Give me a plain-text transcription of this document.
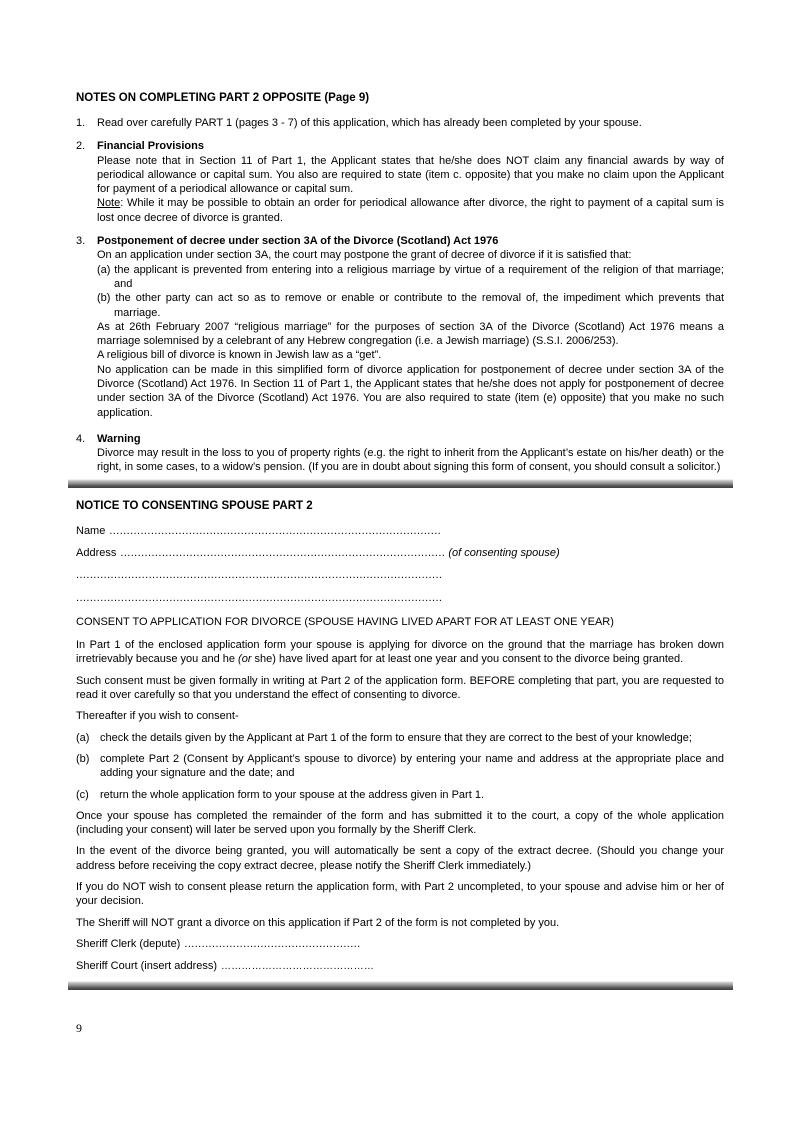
NOTES ON COMPLETING PART 2 OPPOSITE (Page 9)
1.	Read over carefully PART 1 (pages 3 - 7) of this application, which has already been completed by your spouse.
2.	Financial Provisions
Please note that in Section 11 of Part 1, the Applicant states that he/she does NOT claim any financial awards by way of periodical allowance or capital sum. You also are required to state (item c. opposite) that you make no claim upon the Applicant for payment of a periodical allowance or capital sum.
Note: While it may be possible to obtain an order for periodical allowance after divorce, the right to payment of a capital sum is lost once decree of divorce is granted.
3.	Postponement of decree under section 3A of the Divorce (Scotland) Act 1976
On an application under section 3A, the court may postpone the grant of decree of divorce if it is satisfied that:
(a) the applicant is prevented from entering into a religious marriage by virtue of a requirement of the religion of that marriage; and
(b) the other party can act so as to remove or enable or contribute to the removal of, the impediment which prevents that marriage.
As at 26th February 2007 “religious marriage” for the purposes of section 3A of the Divorce (Scotland) Act 1976 means a marriage solemnised by a celebrant of any Hebrew congregation (i.e. a Jewish marriage) (S.S.I. 2006/253).
A religious bill of divorce is known in Jewish law as a “get”.
No application can be made in this simplified form of divorce application for postponement of decree under section 3A of the Divorce (Scotland) Act 1976. In Section 11 of Part 1, the Applicant states that he/she does not apply for postponement of decree under section 3A of the Divorce (Scotland) Act 1976. You are also required to state (item (e) opposite) that you make no such application.
4.	Warning
Divorce may result in the loss to you of property rights (e.g. the right to inherit from the Applicant’s estate on his/her death) or the right, in some cases, to a widow’s pension. (If you are in doubt about signing this form of consent, you should consult a solicitor.)
NOTICE TO CONSENTING SPOUSE PART 2
Name ................................................................................................
Address .............................................................................................. (of consenting spouse)
..........................................................................................................
..........................................................................................................
CONSENT TO APPLICATION FOR DIVORCE (SPOUSE HAVING LIVED APART FOR AT LEAST ONE YEAR)
In Part 1 of the enclosed application form your spouse is applying for divorce on the ground that the marriage has broken down irretrievably because you and he (or she) have lived apart for at least one year and you consent to the divorce being granted.
Such consent must be given formally in writing at Part 2 of the application form. BEFORE completing that part, you are requested to read it over carefully so that you understand the effect of consenting to divorce.
Thereafter if you wish to consent-
(a) check the details given by the Applicant at Part 1 of the form to ensure that they are correct to the best of your knowledge;
(b) complete Part 2 (Consent by Applicant’s spouse to divorce) by entering your name and address at the appropriate place and adding your signature and the date; and
(c)	return the whole application form to your spouse at the address given in Part 1.
Once your spouse has completed the remainder of the form and has submitted it to the court, a copy of the whole application (including your consent) will later be served upon you formally by the Sheriff Clerk.
In the event of the divorce being granted, you will automatically be sent a copy of the extract decree. (Should you change your address before receiving the copy extract decree, please notify the Sheriff Clerk immediately.)
If you do NOT wish to consent please return the application form, with Part 2 uncompleted, to your spouse and advise him or her of your decision.
The Sheriff will NOT grant a divorce on this application if Part 2 of the form is not completed by you.
Sheriff Clerk (depute) ...................................................
Sheriff Court (insert address) ………………………………………
9
